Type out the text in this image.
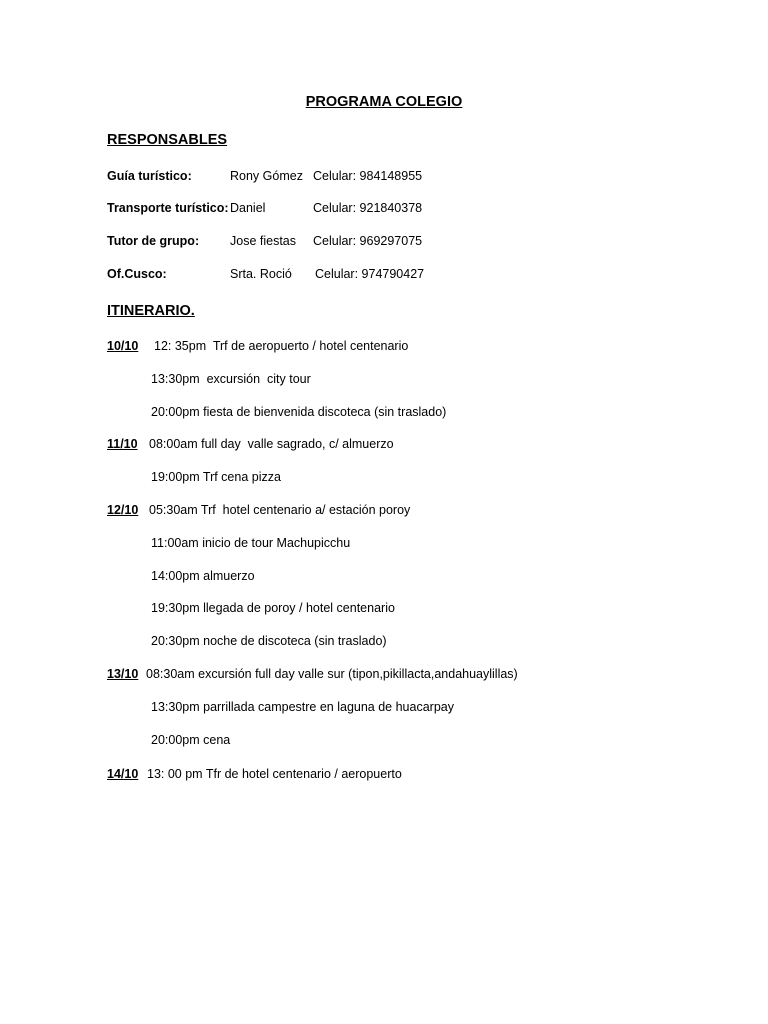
PROGRAMA COLEGIO
RESPONSABLES
Guía turístico:	Rony Gómez Celular: 984148955
Transporte turístico: Daniel	Celular: 921840378
Tutor de grupo: Jose fiestas Celular: 969297075
Of.Cusco:	Srta. Roció Celular: 974790427
ITINERARIO.
10/10 12: 35pm  Trf de aeropuerto / hotel centenario
13:30pm  excursión  city tour
20:00pm fiesta de bienvenida discoteca (sin traslado)
11/10 08:00am full day  valle sagrado, c/ almuerzo
19:00pm Trf cena pizza
12/10 05:30am Trf  hotel centenario a/ estación poroy
11:00am inicio de tour Machupicchu
14:00pm almuerzo
19:30pm llegada de poroy / hotel centenario
20:30pm noche de discoteca (sin traslado)
13/10 08:30am excursión full day valle sur (tipon,pikillacta,andahuaylillas)
13:30pm parrillada campestre en laguna de huacarpay
20:00pm cena
14/10 13: 00 pm Tfr de hotel centenario / aeropuerto
